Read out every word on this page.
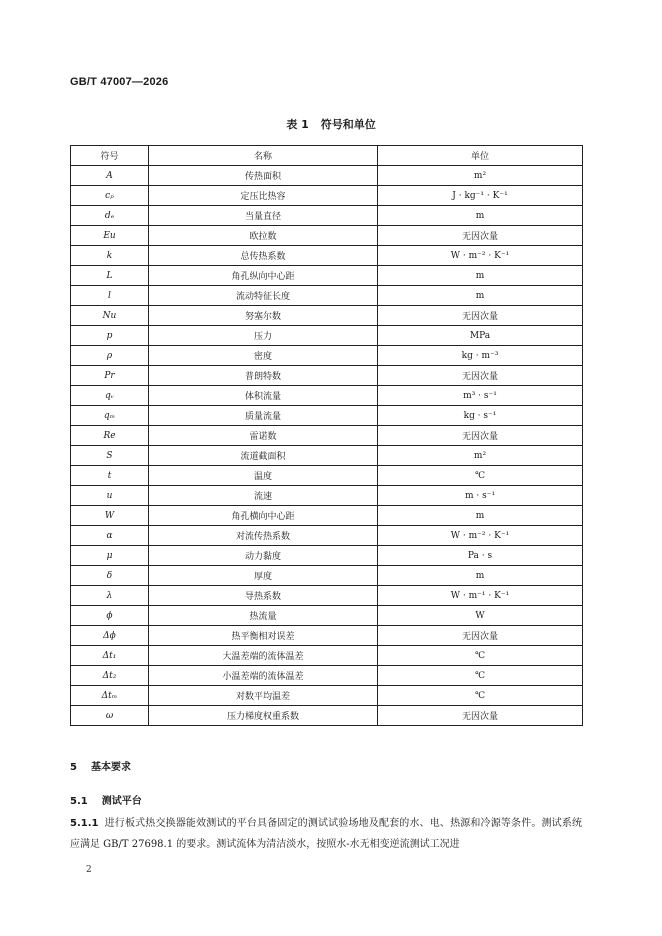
GB/T 47007—2026
表 1 符号和单位
符号	名称	单位
A	传热面积	m²
cₚ	定压比热容	J · kg⁻¹ · K⁻¹
dₑ	当量直径	m
Eu	欧拉数	无因次量
k	总传热系数	W · m⁻² · K⁻¹
L	角孔纵向中心距	m
l	流动特征长度	m
Nu	努塞尔数	无因次量
p	压力	MPa
ρ	密度	kg · m⁻³
Pr	普朗特数	无因次量
qᵥ	体积流量	m³ · s⁻¹
qₘ	质量流量	kg · s⁻¹
Re	雷诺数	无因次量
S	流道截面积	m²
t	温度	℃
u	流速	m · s⁻¹
W	角孔横向中心距	m
α	对流传热系数	W · m⁻² · K⁻¹
μ	动力黏度	Pa · s
δ	厚度	m
λ	导热系数	W · m⁻¹ · K⁻¹
ϕ	热流量	W
Δϕ	热平衡相对误差	无因次量
Δt₁	大温差端的流体温差	℃
Δt₂	小温差端的流体温差	℃
Δtₘ	对数平均温差	℃
ω	压力梯度权重系数	无因次量
5 基本要求
5.1 测试平台
5.1.1 进行板式热交换器能效测试的平台具备固定的测试试验场地及配套的水、电、热源和冷源等条件。测试系统应满足 GB/T 27698.1 的要求。测试流体为清洁淡水，按照水-水无相变逆流测试工况进
2
